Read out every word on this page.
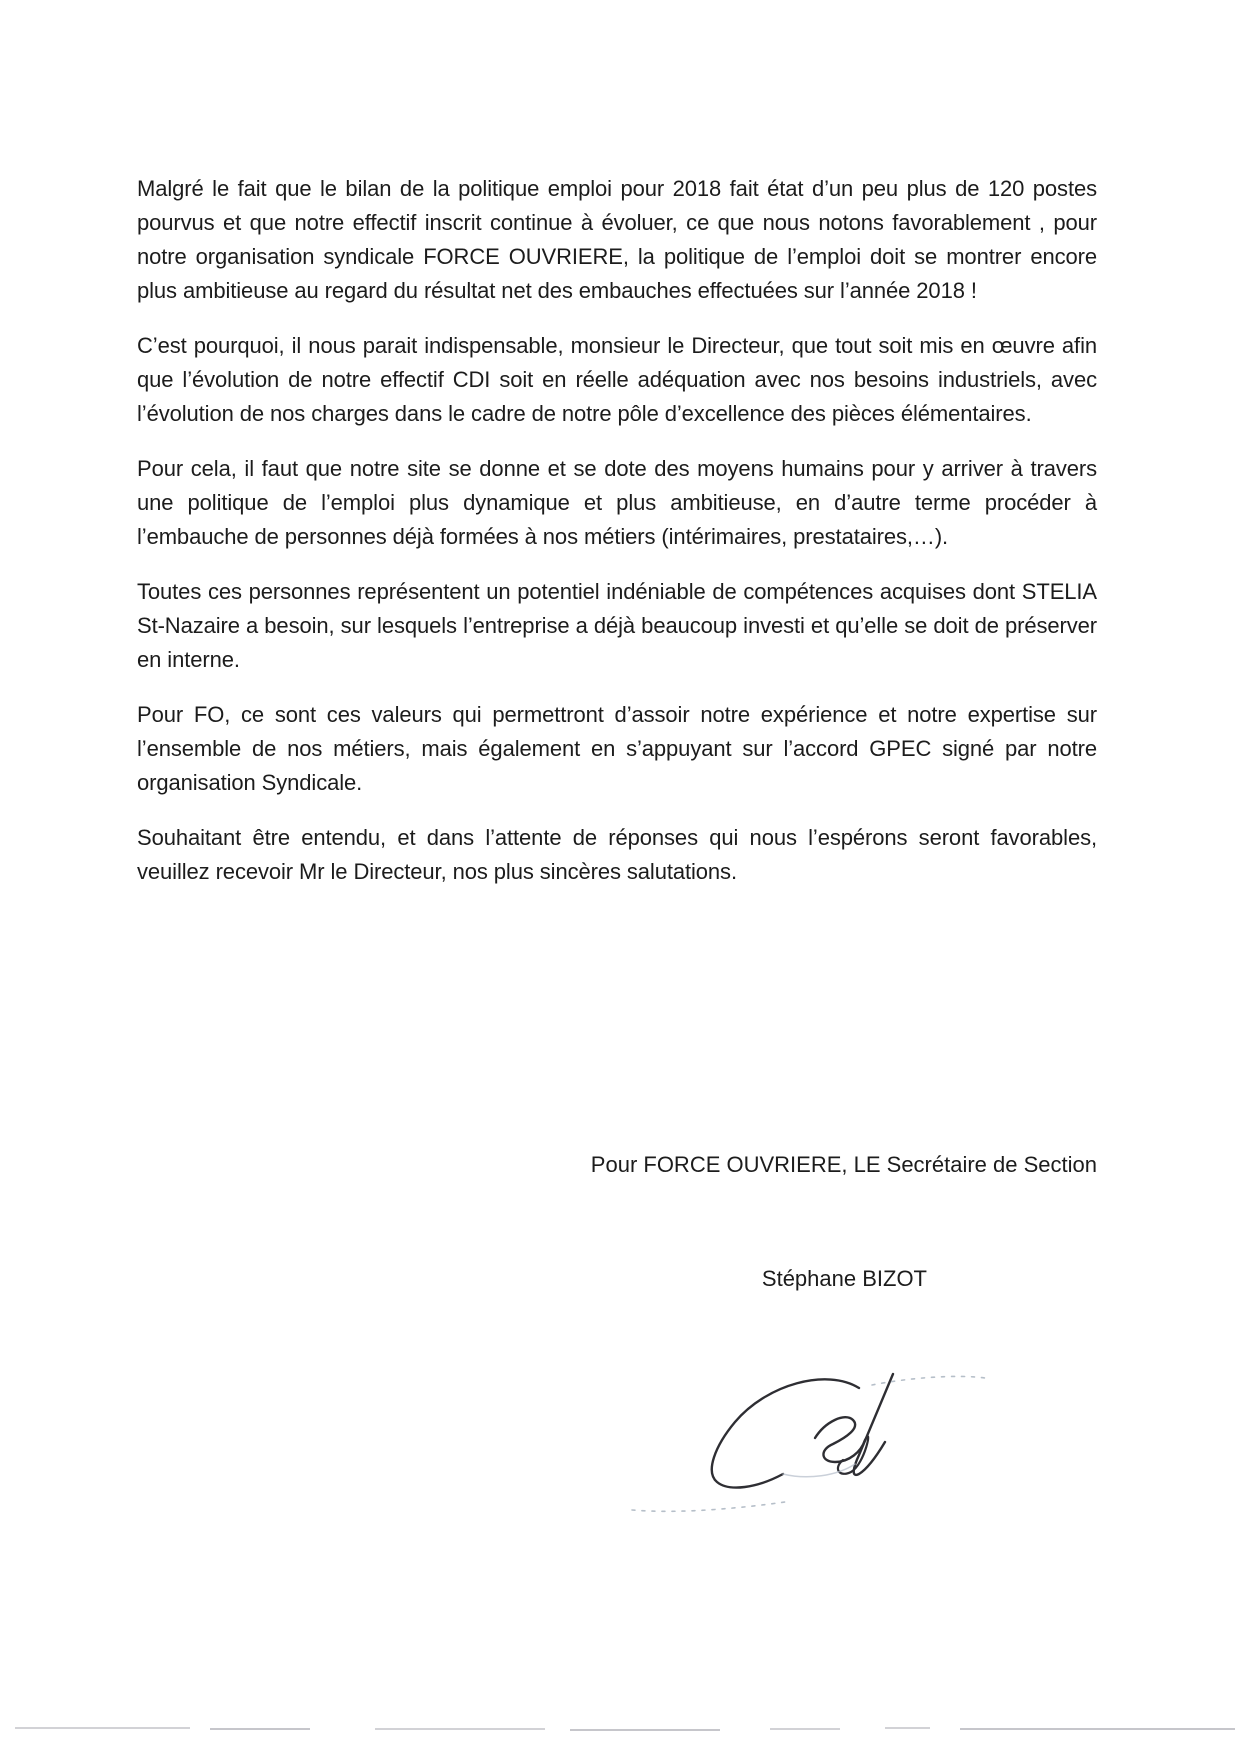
Malgré le fait que le bilan de la politique emploi pour 2018 fait état d’un peu plus de 120 postes pourvus et que notre effectif inscrit continue à évoluer, ce que nous notons favorablement , pour notre organisation syndicale FORCE OUVRIERE, la politique de l’emploi doit se montrer encore plus ambitieuse au regard du résultat net des embauches effectuées sur l’année 2018 !

C’est pourquoi, il nous parait indispensable, monsieur le Directeur, que tout soit mis en œuvre afin que l’évolution de notre effectif CDI soit en réelle adéquation avec nos besoins industriels, avec l’évolution de nos charges dans le cadre de notre pôle d’excellence des pièces élémentaires.

Pour cela, il faut que notre site se donne et se dote des moyens humains pour y arriver à travers une politique de l’emploi plus dynamique et plus ambitieuse, en d’autre terme procéder à l’embauche de personnes déjà formées à nos métiers (intérimaires, prestataires,…).

Toutes ces personnes représentent un potentiel indéniable de compétences acquises dont STELIA St-Nazaire a besoin, sur lesquels l’entreprise a déjà beaucoup investi et qu’elle se doit de préserver en interne.

Pour FO, ce sont ces valeurs qui permettront d’assoir notre expérience et notre expertise sur l’ensemble de nos métiers, mais également en s’appuyant sur l’accord GPEC signé par notre organisation Syndicale.

Souhaitant être entendu, et dans l’attente de réponses qui nous l’espérons seront favorables, veuillez recevoir Mr le Directeur, nos plus sincères salutations.

Pour FORCE OUVRIERE, LE Secrétaire de Section
Stéphane BIZOT
